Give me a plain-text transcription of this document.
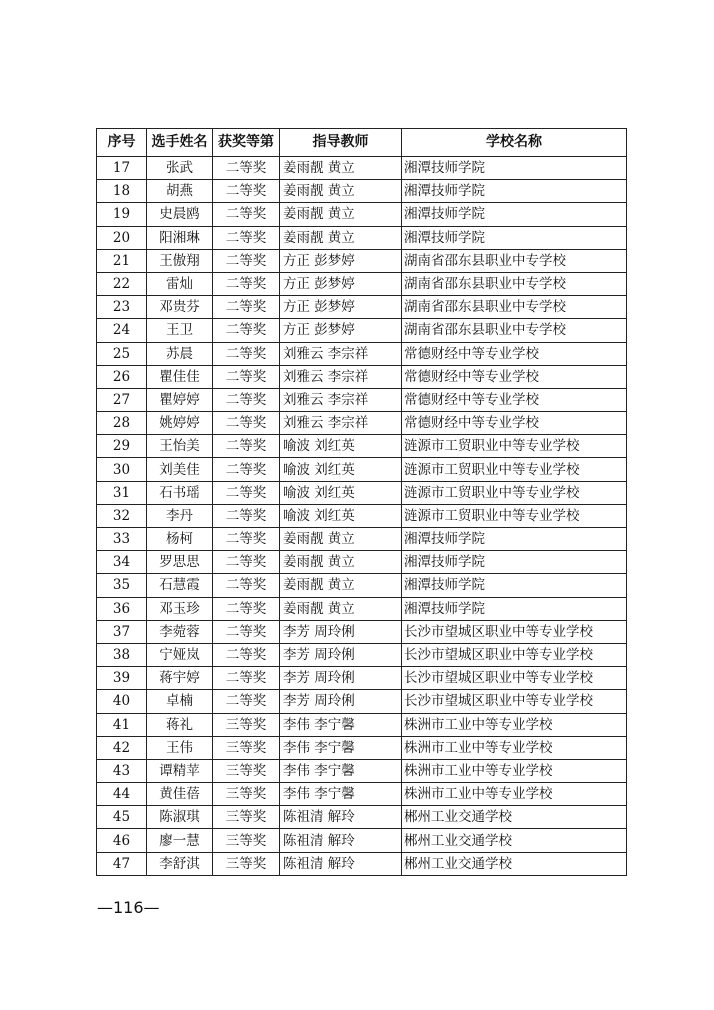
序号	选手姓名	获奖等第	指导教师	学校名称
17	张武	二等奖	姜雨靓 黄立	湘潭技师学院
18	胡燕	二等奖	姜雨靓 黄立	湘潭技师学院
19	史晨鸥	二等奖	姜雨靓 黄立	湘潭技师学院
20	阳湘琳	二等奖	姜雨靓 黄立	湘潭技师学院
21	王傲翔	二等奖	方正 彭梦婷	湖南省邵东县职业中专学校
22	雷灿	二等奖	方正 彭梦婷	湖南省邵东县职业中专学校
23	邓贵芬	二等奖	方正 彭梦婷	湖南省邵东县职业中专学校
24	王卫	二等奖	方正 彭梦婷	湖南省邵东县职业中专学校
25	苏晨	二等奖	刘雅云 李宗祥	常德财经中等专业学校
26	瞿佳佳	二等奖	刘雅云 李宗祥	常德财经中等专业学校
27	瞿婷婷	二等奖	刘雅云 李宗祥	常德财经中等专业学校
28	姚婷婷	二等奖	刘雅云 李宗祥	常德财经中等专业学校
29	王怡美	二等奖	喻波 刘红英	涟源市工贸职业中等专业学校
30	刘美佳	二等奖	喻波 刘红英	涟源市工贸职业中等专业学校
31	石书瑶	二等奖	喻波 刘红英	涟源市工贸职业中等专业学校
32	李丹	二等奖	喻波 刘红英	涟源市工贸职业中等专业学校
33	杨柯	二等奖	姜雨靓 黄立	湘潭技师学院
34	罗思思	二等奖	姜雨靓 黄立	湘潭技师学院
35	石慧霞	二等奖	姜雨靓 黄立	湘潭技师学院
36	邓玉珍	二等奖	姜雨靓 黄立	湘潭技师学院
37	李菀蓉	二等奖	李芳 周玲俐	长沙市望城区职业中等专业学校
38	宁娅岚	二等奖	李芳 周玲俐	长沙市望城区职业中等专业学校
39	蒋宇婷	二等奖	李芳 周玲俐	长沙市望城区职业中等专业学校
40	卓楠	二等奖	李芳 周玲俐	长沙市望城区职业中等专业学校
41	蒋礼	三等奖	李伟 李宁馨	株洲市工业中等专业学校
42	王伟	三等奖	李伟 李宁馨	株洲市工业中等专业学校
43	谭精苹	三等奖	李伟 李宁馨	株洲市工业中等专业学校
44	黄佳蓓	三等奖	李伟 李宁馨	株洲市工业中等专业学校
45	陈淑琪	三等奖	陈祖清 解玲	郴州工业交通学校
46	廖一慧	三等奖	陈祖清 解玲	郴州工业交通学校
47	李舒淇	三等奖	陈祖清 解玲	郴州工业交通学校
—116—
